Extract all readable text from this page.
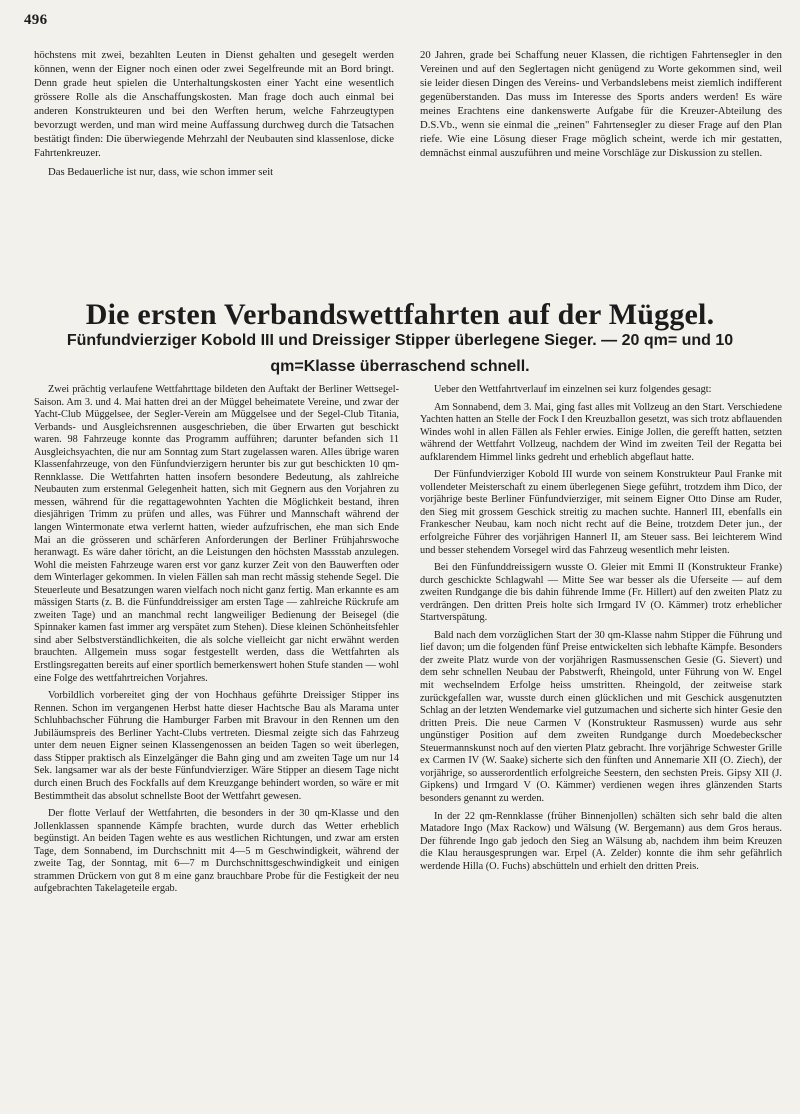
496

höchstens mit zwei, bezahlten Leuten in Dienst gehalten und gesegelt werden können, wenn der Eigner noch einen oder zwei Segelfreunde mit an Bord bringt. Denn grade heut spielen die Unterhaltungskosten einer Yacht eine wesentlich grössere Rolle als die Anschaffungskosten. Man frage doch auch einmal bei anderen Konstrukteuren und bei den Werften herum, welche Fahrzeugtypen bevorzugt werden, und man wird meine Auffassung durchweg durch die Tatsachen bestätigt finden: Die überwiegende Mehrzahl der Neubauten sind klassenlose, dicke Fahrtenkreuzer.

Das Bedauerliche ist nur, dass, wie schon immer seit

20 Jahren, grade bei Schaffung neuer Klassen, die richtigen Fahrtensegler in den Vereinen und auf den Seglertagen nicht genügend zu Worte gekommen sind, weil sie leider diesen Dingen des Vereins- und Verbandslebens meist ziemlich indifferent gegenüberstanden. Das muss im Interesse des Sports anders werden! Es wäre meines Erachtens eine dankenswerte Aufgabe für die Kreuzer-Abteilung des D.S.Vb., wenn sie einmal die „reinen" Fahrtensegler zu dieser Frage auf den Plan riefe. Wie eine Lösung dieser Frage möglich scheint, werde ich mir gestatten, demnächst einmal auszuführen und meine Vorschläge zur Diskussion zu stellen.

Die ersten Verbandswettfahrten auf der Müggel.
Fünfundvierziger Kobold III und Dreissiger Stipper überlegene Sieger. — 20 qm= und 10 qm=Klasse überraschend schnell.

Zwei prächtig verlaufene Wettfahrttage bildeten den Auftakt der Berliner Wettsegel-Saison. Am 3. und 4. Mai hatten drei an der Müggel beheimatete Vereine, und zwar der Yacht-Club Müggelsee, der Segler-Verein am Müggelsee und der Segel-Club Titania, Verbands- und Ausgleichsrennen ausgeschrieben, die über Erwarten gut beschickt waren. 98 Fahrzeuge konnte das Programm aufführen; darunter befanden sich 11 Ausgleichsyachten, die nur am Sonntag zum Start zugelassen waren. Alles übrige waren Klassenfahrzeuge, von den Fünfundvierzigern herunter bis zur gut beschickten 10 qm-Rennklasse. Die Wettfahrten hatten insofern besondere Bedeutung, als zahlreiche Neubauten zum erstenmal Gelegenheit hatten, sich mit Gegnern aus den Vorjahren zu messen, während für die regattagewohnten Yachten die Möglichkeit bestand, ihren diesjährigen Trimm zu prüfen und alles, was Führer und Mannschaft während der langen Wintermonate etwa verlernt hatten, wieder aufzufrischen, ehe man sich Ende Mai an die grösseren und schärferen Anforderungen der Berliner Frühjahrswoche heranwagt. Es wäre daher töricht, an die Leistungen den höchsten Massstab anzulegen. Wohl die meisten Fahrzeuge waren erst vor ganz kurzer Zeit von den Bauwerften oder dem Winterlager gekommen. In vielen Fällen sah man recht mässig stehende Segel. Die Steuerleute und Besatzungen waren vielfach noch nicht ganz fertig. Man erkannte es am mässigen Starts (z. B. die Fünfunddreissiger am ersten Tage — zahlreiche Rückrufe am zweiten Tage) und an manchmal recht langweiliger Bedienung der Beisegel (die Spinnaker kamen fast immer arg verspätet zum Stehen). Diese kleinen Schönheitsfehler sind aber Selbstverständlichkeiten, die als solche vielleicht gar nicht erwähnt werden brauchten. Allgemein muss sogar festgestellt werden, dass die Wettfahrten als Erstlingsregatten bereits auf einer sportlich bemerkenswert hohen Stufe standen — wohl eine Folge des wettfahrtreichen Vorjahres.

Vorbildlich vorbereitet ging der von Hochhaus geführte Dreissiger Stipper ins Rennen. Schon im vergangenen Herbst hatte dieser Hachtsche Bau als Marama unter Schluhbachscher Führung die Hamburger Farben mit Bravour in den Rennen um den Jubiläumspreis des Berliner Yacht-Clubs vertreten. Diesmal zeigte sich das Fahrzeug unter dem neuen Eigner seinen Klassengenossen an beiden Tagen so weit überlegen, dass Stipper praktisch als Einzelgänger die Bahn ging und am zweiten Tage um nur 14 Sek. langsamer war als der beste Fünfundvierziger. Wäre Stipper an diesem Tage nicht durch einen Bruch des Fockfalls auf dem Kreuzgange behindert worden, so wäre er mit Bestimmtheit das absolut schnellste Boot der Wettfahrt gewesen.

Der flotte Verlauf der Wettfahrten, die besonders in der 30 qm-Klasse und den Jollenklassen spannende Kämpfe brachten, wurde durch das Wetter erheblich begünstigt. An beiden Tagen wehte es aus westlichen Richtungen, und zwar am ersten Tage, dem Sonnabend, im Durchschnitt mit 4—5 m Geschwindigkeit, während der zweite Tag, der Sonntag, mit 6—7 m Durchschnittsgeschwindigkeit und einigen strammen Drückern von gut 8 m eine ganz brauchbare Probe für die Festigkeit der neu aufgebrachten Takelageteile ergab.

Ueber den Wettfahrtverlauf im einzelnen sei kurz folgendes gesagt:

Am Sonnabend, dem 3. Mai, ging fast alles mit Vollzeug an den Start. Verschiedene Yachten hatten an Stelle der Fock I den Kreuzballon gesetzt, was sich trotz abflauenden Windes wohl in allen Fällen als Fehler erwies. Einige Jollen, die gerefft hatten, setzten während der Wettfahrt Vollzeug, nachdem der Wind im zweiten Teil der Regatta bei aufklarendem Himmel links gedreht und erheblich abgeflaut hatte.

Der Fünfundvierziger Kobold III wurde von seinem Konstrukteur Paul Franke mit vollendeter Meisterschaft zu einem überlegenen Siege geführt, trotzdem ihm Dico, der vorjährige beste Berliner Fünfundvierziger, mit seinem Eigner Otto Dinse am Ruder, den Sieg mit grossem Geschick streitig zu machen suchte. Hannerl III, ebenfalls ein Frankescher Neubau, kam noch nicht recht auf die Beine, trotzdem Deter jun., der erfolgreiche Führer des vorjährigen Hannerl II, am Steuer sass. Bei leichterem Wind und besser stehendem Vorsegel wird das Fahrzeug wesentlich mehr leisten.

Bei den Fünfunddreissigern wusste O. Gleier mit Emmi II (Konstrukteur Franke) durch geschickte Schlagwahl — Mitte See war besser als die Uferseite — auf dem zweiten Rundgange die bis dahin führende Imme (Fr. Hillert) auf den zweiten Platz zu verdrängen. Den dritten Preis holte sich Irmgard IV (O. Kämmer) trotz erheblicher Startverspätung.

Bald nach dem vorzüglichen Start der 30 qm-Klasse nahm Stipper die Führung und lief davon; um die folgenden fünf Preise entwickelten sich lebhafte Kämpfe. Besonders der zweite Platz wurde von der vorjährigen Rasmussenschen Gesie (G. Sievert) und dem sehr schnellen Neubau der Pabstwerft, Rheingold, unter Führung von W. Engel mit wechselndem Erfolge heiss umstritten. Rheingold, der zeitweise stark zurückgefallen war, wusste durch einen glücklichen und mit Geschick ausgenutzten Schlag an der letzten Wendemarke viel gutzumachen und sicherte sich hinter Gesie den dritten Preis. Die neue Carmen V (Konstrukteur Rasmussen) wurde aus sehr ungünstiger Position auf dem zweiten Rundgange durch Moedebeckscher Steuermannskunst noch auf den vierten Platz gebracht. Ihre vorjährige Schwester Grille ex Carmen IV (W. Saake) sicherte sich den fünften und Annemarie XII (O. Ziech), der vorjährige, so ausserordentlich erfolgreiche Seestern, den sechsten Preis. Gipsy XII (J. Gipkens) und Irmgard V (O. Kämmer) verdienen wegen ihres glänzenden Starts besonders genannt zu werden.

In der 22 qm-Rennklasse (früher Binnenjollen) schälten sich sehr bald die alten Matadore Ingo (Max Rackow) und Wälsung (W. Bergemann) aus dem Gros heraus. Der führende Ingo gab jedoch den Sieg an Wälsung ab, nachdem ihm beim Kreuzen die Klau herausgesprungen war. Erpel (A. Zelder) konnte die ihm sehr gefährlich werdende Hilla (O. Fuchs) abschütteln und erhielt den dritten Preis.
